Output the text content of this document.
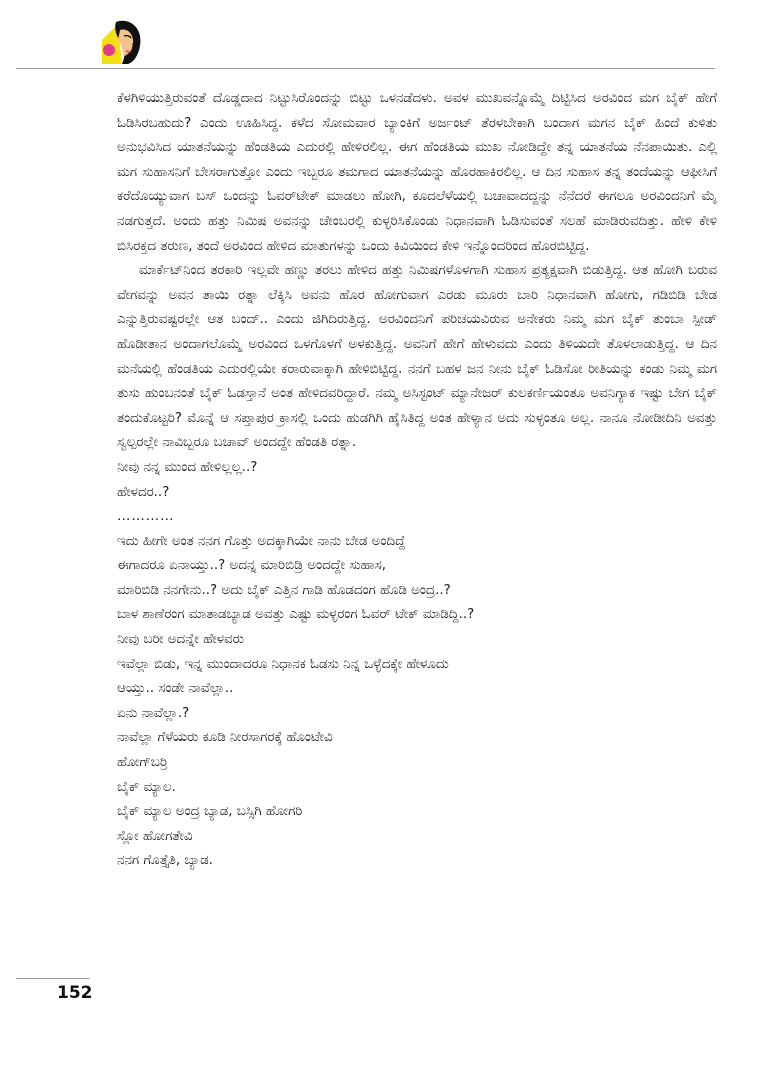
ಕೆಳಗಿಳಿಯುತ್ತಿರುವಂತೆ ದೊಡ್ಡದಾದ ನಿಟ್ಟುಸಿರೊಂದನ್ನು ಬಿಟ್ಟು ಒಳನಡೆದಳು. ಅವಳ ಮುಖವನ್ನೊಮ್ಮೆ ದಿಟ್ಟಿಸಿದ ಅರವಿಂದ ಮಗ ಬೈಕ್ ಹೇಗೆ ಓಡಿಸಿರಬಹುದು? ಎಂದು ಊಹಿಸಿದ್ದ. ಕಳೆದ ಸೋಮವಾರ ಬ್ಯಾಂಕಿಗೆ ಅರ್ಜಂಟ್ ತೆರಳಬೇಕಾಗಿ ಬಂದಾಗ ಮಗನ ಬೈಕ್ ಹಿಂದೆ ಕುಳಿತು ಅನುಭವಿಸಿದ ಯಾತನೆಯನ್ನು ಹೆಂಡತಿಯ ಎದುರಲ್ಲಿ ಹೇಳಿರಲಿಲ್ಲ. ಈಗ ಹೆಂಡತಿಯ ಮುಖ ನೋಡಿದ್ದೇ ತನ್ನ ಯಾತನೆಯ ನೆನಪಾಯಿತು. ಎಲ್ಲಿ ಮಗ ಸುಹಾಸನಿಗೆ ಬೇಸರಾಗುತ್ತೋ ಎಂದು ಇಬ್ಬರೂ ತಮಗಾದ ಯಾತನೆಯನ್ನು ಹೊರಹಾಕಿರಲಿಲ್ಲ. ಆ ದಿನ ಸುಹಾಸ ತನ್ನ ತಂದೆಯನ್ನು ಆಫೀಸಿಗೆ ಕರೆದೊಯ್ಯುವಾಗ ಬಸ್ ಒಂದನ್ನು ಓವರ್‌ಟೇಕ್ ಮಾಡಲು ಹೋಗಿ, ಕೂದಲೆಳೆಯಲ್ಲಿ ಬಚಾವಾದದ್ದನ್ನು ನೆನೆದರೆ ಈಗಲೂ ಅರವಿಂದನಿಗೆ ಮೈ ನಡಗುತ್ತದೆ. ಅಂದು ಹತ್ತು ನಿಮಿಷ ಅವನನ್ನು ಚೇಂಬರಲ್ಲಿ ಕುಳ್ಳರಿಸಿಕೊಂಡು ನಿಧಾನವಾಗಿ ಓಡಿಸುವಂತೆ ಸಲಹೆ ಮಾಡಿರುವದಿತ್ತು. ಹೇಳಿ ಕೇಳಿ ಬಿಸಿರಕ್ತದ ತರುಣ, ತಂದೆ ಅರವಿಂದ ಹೇಳಿದ ಮಾತುಗಳನ್ನು ಒಂದು ಕಿವಿಯಿಂದ ಕೇಳಿ ಇನ್ನೊಂದರಿಂದ ಹೊರಬಿಟ್ಟಿದ್ದ.

ಮಾರ್ಕೆಟ್‌ನಿಂದ ತರಕಾರಿ ಇಲ್ಲವೇ ಹಣ್ಣು ತರಲು ಹೇಳಿದ ಹತ್ತು ನಿಮಿಷಗಳೊಳಗಾಗಿ ಸುಹಾಸ ಪ್ರತ್ಯಕ್ಷವಾಗಿ ಬಿಡುತ್ತಿದ್ದ. ಆತ ಹೋಗಿ ಬರುವ ವೇಗವನ್ನು ಅವನ ತಾಯಿ ರತ್ನಾ ಲೆಕ್ಕಿಸಿ ಅವನು ಹೊರ ಹೋಗುವಾಗ ಎರಡು ಮೂರು ಬಾರಿ ನಿಧಾನವಾಗಿ ಹೋಗು, ಗಡಿಬಿಡಿ ಬೇಡ ಎನ್ನುತ್ತಿರುವಷ್ಟರಲ್ಲೇ ಆತ ಬಂದ್.. ಎಂದು ಜಿಗಿದಿರುತ್ತಿದ್ದ. ಅರವಿಂದನಿಗೆ ಪರಿಚಯವಿರುವ ಅನೇಕರು ನಿಮ್ಮ ಮಗ ಬೈಕ್ ತುಂಬಾ ಸ್ಪೀಡ್ ಹೊಡೀತಾನ ಅಂದಾಗಲೊಮ್ಮೆ ಅರವಿಂದ ಒಳಗೊಳಗೆ ಅಳಕುತ್ತಿದ್ದ. ಅವನಿಗೆ ಹೇಗೆ ಹೇಳುವದು ಎಂದು ತಿಳಿಯದೇ ತೊಳಲಾಡುತ್ತಿದ್ದ. ಆ ದಿನ ಮನೆಯಲ್ಲಿ ಹೆಂಡತಿಯ ಎದುರಲ್ಲಿಯೇ ಕರಾರುವಾಕ್ಕಾಗಿ ಹೇಳಿಬಿಟ್ಟಿದ್ದ. ನನಗೆ ಬಹಳ ಜನ ನೀನು ಬೈಕ್ ಓಡಿಸೋ ರೀತಿಯನ್ನು ಕಂಡು ನಿಮ್ಮ ಮಗ ತುಸು ಹುಂಬನಂತೆ ಬೈಕ್ ಓಡಸ್ತಾನೆ ಅಂತ ಹೇಳಿದವರಿದ್ದಾರೆ. ನಮ್ಮ ಅಸಿಸ್ಟಂಟ್ ಮ್ಯಾನೇಜರ್ ಕುಲಕರ್ಣಿಯಂತೂ ಅವನಿಗ್ಯಾಕ ಇಷ್ಟು ಬೇಗ ಬೈಕ್ ತಂದುಕೊಟ್ಟರಿ? ಮೊನ್ನೆ ಆ ಸಪ್ತಾಪುರ ಕ್ರಾಸಲ್ಲಿ ಒಂದು ಹುಡಗಿಗಿ ಹೈಸಿತಿದ್ದ ಅಂತ ಹೇಳ್ಯಾನ ಅದು ಸುಳ್ಳಂತೂ ಅಲ್ಲ. ನಾನೂ ನೋಡೀದಿನಿ ಅವತ್ತು ಸ್ವಲ್ಪರಲ್ಲೇ ನಾವಿಬ್ಬರೂ ಬಚಾವ್ ಅಂದದ್ದೇ ಹೆಂಡತಿ ರತ್ನಾ.

ನೀವು ನನ್ನ ಮುಂದ ಹೇಳಿಲ್ಲಲ್ಲ..?

ಹೇಳದರ..?

…………

ಇದು ಹೀಗೇ ಅಂತ ನನಗ ಗೊತ್ತು ಅದಕ್ಕಾಗಿಯೇ ನಾನು ಬೇಡ ಅಂದಿದ್ದೆ

ಈಗಾದರೂ ಏನಾಯ್ತು..? ಅದನ್ನ ಮಾರಿಬಿಡ್ರಿ ಅಂದದ್ದೇ ಸುಹಾಸ,

ಮಾರಿಬಿಡಿ ನನಗೇನು..? ಅದು ಬೈಕ್ ಎತ್ತಿನ ಗಾಡಿ ಹೊಡದಂಗ ಹೊಡಿ ಅಂದ್ರ..?

ಬಾಳ ಶಾಣೆರಂಗ ಮಾತಾಡಬ್ಯಾಡ ಅವತ್ತು ಎಷ್ಟು ಮಳ್ಳರಂಗ ಓವರ್ ಟೇಕ್ ಮಾಡಿದ್ದಿ..?

ನೀವು ಬರೀ ಅದನ್ನೇ ಹೇಳವರು

ಇವೆಲ್ಲಾ ಬಿಡು, ಇನ್ನ ಮುಂದಾದರೂ ನಿಧಾನಕ ಓಡಸು ನಿನ್ನ ಒಳ್ಳೆದಕ್ಕೇ ಹೇಳೂದು

ಆಯ್ತು.. ಸಂಡೇ ನಾವೆಲ್ಲಾ..

ಏನು ನಾವೆಲ್ಲಾ.?

ನಾವೆಲ್ಲಾ ಗೆಳೆಯರು ಕೂಡಿ ನೀರಸಾಗರಕ್ಕೆ ಹೊಂಟೇವಿ

ಹೋಗ್‌ಬರ್ರಿ

ಬೈಕ್ ಮ್ಯಾಲ.

ಬೈಕ್ ಮ್ಯಾಲ ಅಂದ್ರ ಬ್ಯಾಡ, ಬಸ್ಸಿಗಿ ಹೋಗರಿ

ಸ್ಲೋ ಹೋಗತೇವಿ

ನನಗ ಗೊತ್ತೈತಿ, ಬ್ಯಾಡ.

152
